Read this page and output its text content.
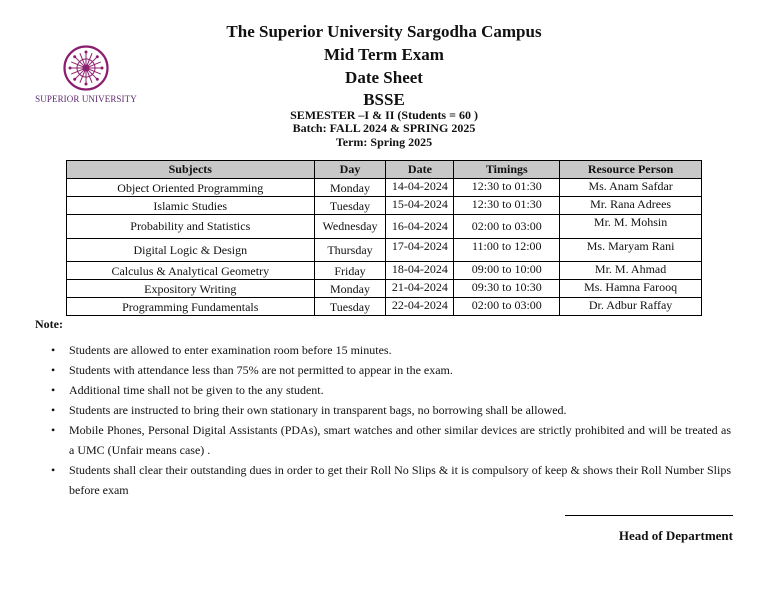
SUPERIOR UNIVERSITY
The Superior University Sargodha Campus
Mid Term Exam
Date Sheet
BSSE
SEMESTER –I & II (Students = 60 )
Batch: FALL 2024 & SPRING 2025
Term: Spring 2025
Subjects	Day	Date	Timings	Resource Person
Object Oriented Programming	Monday	14-04-2024	12:30 to 01:30	Ms. Anam Safdar
Islamic Studies	Tuesday	15-04-2024	12:30 to 01:30	Mr. Rana Adrees
Probability and Statistics	Wednesday	16-04-2024	02:00 to 03:00	Mr. M. Mohsin
Digital Logic & Design	Thursday	17-04-2024	11:00 to 12:00	Ms. Maryam Rani
Calculus & Analytical Geometry	Friday	18-04-2024	09:00 to 10:00	Mr. M. Ahmad
Expository Writing	Monday	21-04-2024	09:30 to 10:30	Ms. Hamna Farooq
Programming Fundamentals	Tuesday	22-04-2024	02:00 to 03:00	Dr. Adbur Raffay
Note:
• Students are allowed to enter examination room before 15 minutes.
• Students with attendance less than 75% are not permitted to appear in the exam.
• Additional time shall not be given to the any student.
• Students are instructed to bring their own stationary in transparent bags, no borrowing shall be allowed.
• Mobile Phones, Personal Digital Assistants (PDAs), smart watches and other similar devices are strictly prohibited and will be treated as a UMC (Unfair means case) .
• Students shall clear their outstanding dues in order to get their Roll No Slips & it is compulsory of keep & shows their Roll Number Slips before exam
Head of Department
